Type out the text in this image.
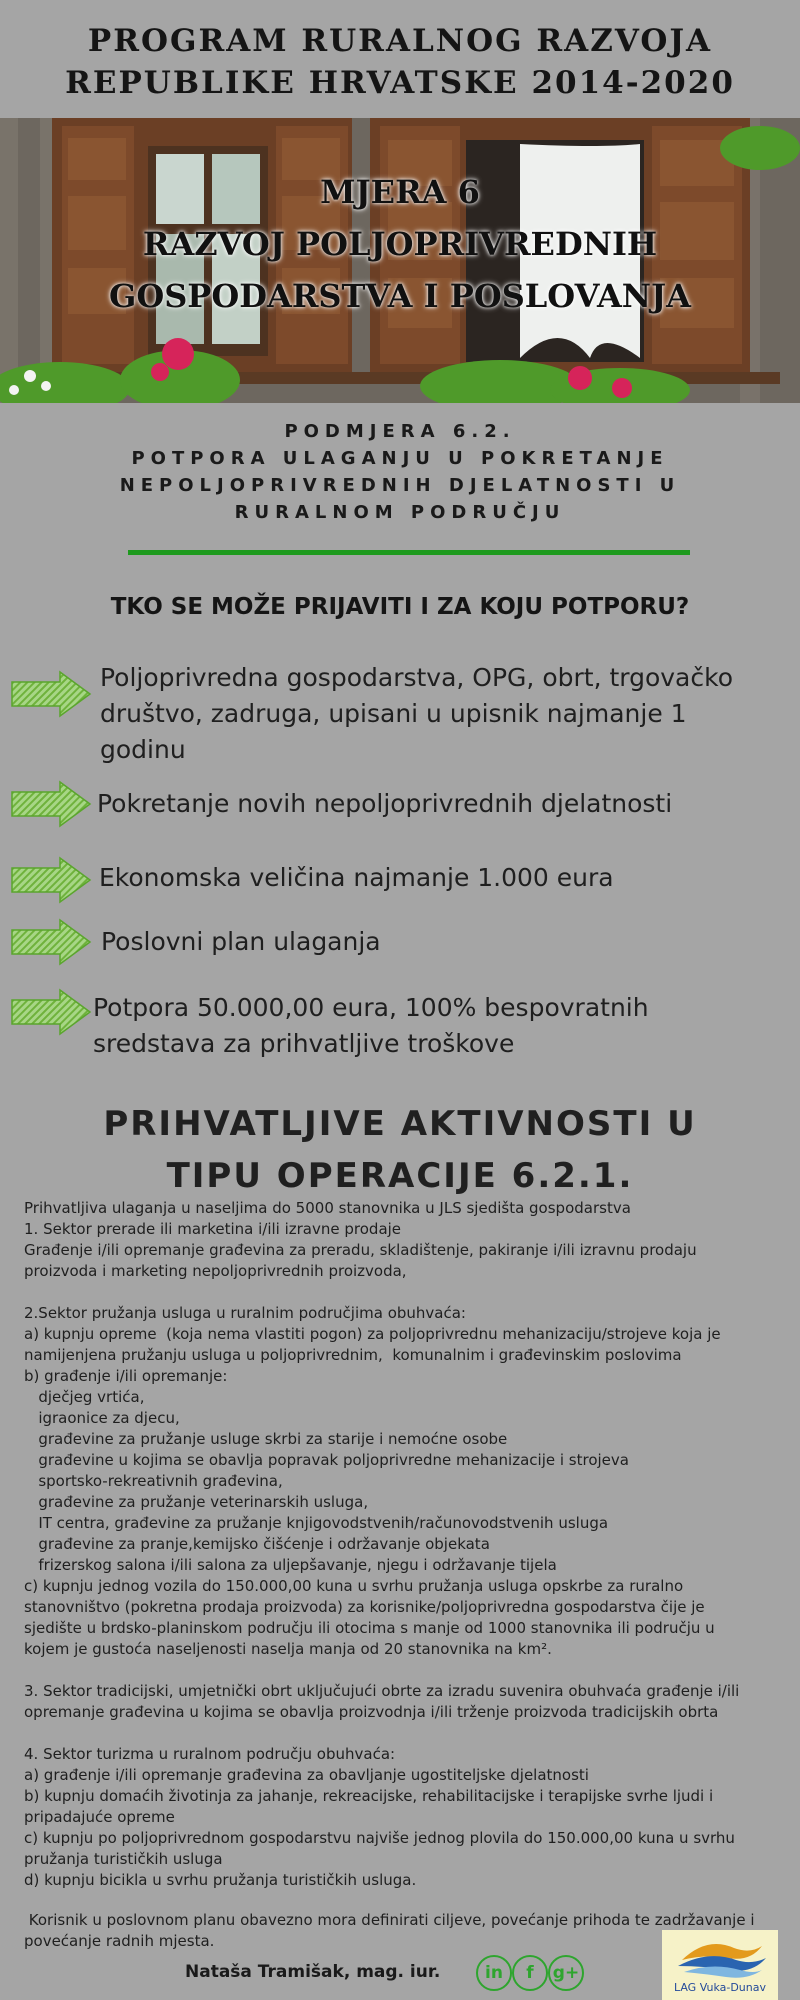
PROGRAM RURALNOG RAZVOJA
REPUBLIKE HRVATSKE 2014-2020
MJERA 6
RAZVOJ POLJOPRIVREDNIH
GOSPODARSTVA I POSLOVANJA
PODMJERA 6.2.
POTPORA ULAGANJU U POKRETANJE
NEPOLJOPRIVREDNIH DJELATNOSTI U
RURALNOM PODRUČJU
TKO SE MOŽE PRIJAVITI I ZA KOJU POTPORU?
Poljoprivredna gospodarstva, OPG, obrt, trgovačko društvo, zadruga, upisani u upisnik najmanje 1 godinu
Pokretanje novih nepoljoprivrednih djelatnosti
Ekonomska veličina najmanje 1.000 eura
Poslovni plan ulaganja
Potpora 50.000,00 eura, 100% bespovratnih sredstava za prihvatljive troškove
PRIHVATLJIVE AKTIVNOSTI U
TIPU OPERACIJE 6.2.1.
Prihvatljiva ulaganja u naseljima do 5000 stanovnika u JLS sjedišta gospodarstva
1. Sektor prerade ili marketina i/ili izravne prodaje
Građenje i/ili opremanje građevina za preradu, skladištenje, pakiranje i/ili izravnu prodaju
proizvoda i marketing nepoljoprivrednih proizvoda,

2.Sektor pružanja usluga u ruralnim područjima obuhvaća:
a) kupnju opreme  (koja nema vlastiti pogon) za poljoprivrednu mehanizaciju/strojeve koja je
namijenjena pružanju usluga u poljoprivrednim,  komunalnim i građevinskim poslovima
b) građenje i/ili opremanje:
dječjeg vrtića,
igraonice za djecu,
građevine za pružanje usluge skrbi za starije i nemoćne osobe
građevine u kojima se obavlja popravak poljoprivredne mehanizacije i strojeva
sportsko-rekreativnih građevina,
građevine za pružanje veterinarskih usluga,
IT centra, građevine za pružanje knjigovodstvenih/računovodstvenih usluga
građevine za pranje,kemijsko čišćenje i održavanje objekata
frizerskog salona i/ili salona za uljepšavanje, njegu i održavanje tijela
c) kupnju jednog vozila do 150.000,00 kuna u svrhu pružanja usluga opskrbe za ruralno
stanovništvo (pokretna prodaja proizvoda) za korisnike/poljoprivredna gospodarstva čije je
sjedište u brdsko-planinskom području ili otocima s manje od 1000 stanovnika ili području u
kojem je gustoća naseljenosti naselja manja od 20 stanovnika na km².

3. Sektor tradicijski, umjetnički obrt uključujući obrte za izradu suvenira obuhvaća građenje i/ili
opremanje građevina u kojima se obavlja proizvodnja i/ili trženje proizvoda tradicijskih obrta

4. Sektor turizma u ruralnom području obuhvaća:
a) građenje i/ili opremanje građevina za obavljanje ugostiteljske djelatnosti
b) kupnju domaćih životinja za jahanje, rekreacijske, rehabilitacijske i terapijske svrhe ljudi i
pripadajuće opreme
c) kupnju po poljoprivrednom gospodarstvu najviše jednog plovila do 150.000,00 kuna u svrhu
pružanja turističkih usluga
d) kupnju bicikla u svrhu pružanja turističkih usluga.
Korisnik u poslovnom planu obavezno mora definirati ciljeve, povećanje prihoda te zadržavanje i
povećanje radnih mjesta.
Nataša Tramišak, mag. iur.	in	f	g+
LAG Vuka-Dunav
